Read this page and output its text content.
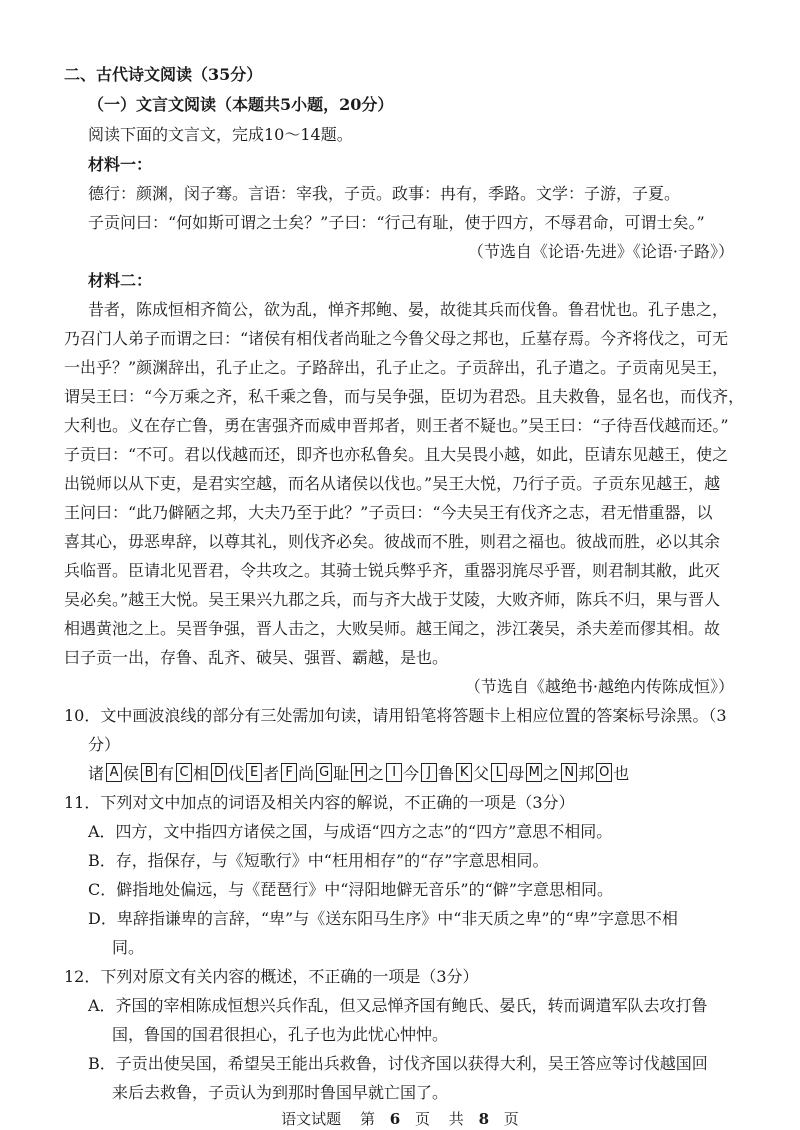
二、古代诗文阅读（35分）
（一）文言文阅读（本题共5小题，20分）
阅读下面的文言文，完成10～14题。
材料一：
德行：颜渊，闵子骞。言语：宰我，子贡。政事：冉有，季路。文学：子游，子夏。
子贡问曰：“何如斯可谓之士矣？”子曰：“行己有耻，使于四方，不辱君命，可谓士矣。”
（节选自《论语·先进》《论语·子路》）
材料二：
昔者，陈成恒相齐简公，欲为乱，惮齐邦鲍、晏，故徙其兵而伐鲁。鲁君忧也。孔子患之，
乃召门人弟子而谓之曰：“诸侯有相伐者尚耻之今鲁父母之邦也，丘墓存焉。今齐将伐之，可无
一出乎？”颜渊辞出，孔子止之。子路辞出，孔子止之。子贡辞出，孔子遣之。子贡南见吴王，
谓吴王曰：“今万乘之齐，私千乘之鲁，而与吴争强，臣切为君恐。且夫救鲁，显名也，而伐齐，
大利也。义在存亡鲁，勇在害强齐而威申晋邦者，则王者不疑也。”吴王曰：“子待吾伐越而还。”
子贡曰：“不可。君以伐越而还，即齐也亦私鲁矣。且大吴畏小越，如此，臣请东见越王，使之
出锐师以从下吏，是君实空越，而名从诸侯以伐也。”吴王大悦，乃行子贡。子贡东见越王，越
王问曰：“此乃僻陋之邦，大夫乃至于此？”子贡曰：“今夫吴王有伐齐之志，君无惜重器，以
喜其心，毋恶卑辞，以尊其礼，则伐齐必矣。彼战而不胜，则君之福也。彼战而胜，必以其余
兵临晋。臣请北见晋君，令共攻之。其骑士锐兵弊乎齐，重器羽旄尽乎晋，则君制其敝，此灭
吴必矣。”越王大悦。吴王果兴九郡之兵，而与齐大战于艾陵，大败齐师，陈兵不归，果与晋人
相遇黄池之上。吴晋争强，晋人击之，大败吴师。越王闻之，涉江袭吴，杀夫差而僇其相。故
曰子贡一出，存鲁、乱齐、破吴、强晋、霸越，是也。
（节选自《越绝书·越绝内传陈成恒》）
10．文中画波浪线的部分有三处需加句读，请用铅笔将答题卡上相应位置的答案标号涂黑。（3
分）
诸 A 侯 B 有 C 相 D 伐 E 者 F 尚 G 耻 H 之 I 今 J 鲁 K 父 L 母 M 之 N 邦 O 也
11．下列对文中加点的词语及相关内容的解说，不正确的一项是（3分）
A．四方，文中指四方诸侯之国，与成语“四方之志”的“四方”意思不相同。
B．存，指保存，与《短歌行》中“枉用相存”的“存”字意思相同。
C．僻指地处偏远，与《琵琶行》中“浔阳地僻无音乐”的“僻”字意思相同。
D．卑辞指谦卑的言辞，“卑”与《送东阳马生序》中“非天质之卑”的“卑”字意思不相
同。
12．下列对原文有关内容的概述，不正确的一项是（3分）
A．齐国的宰相陈成恒想兴兵作乱，但又忌惮齐国有鲍氏、晏氏，转而调遣军队去攻打鲁
国，鲁国的国君很担心，孔子也为此忧心忡忡。
B．子贡出使吴国，希望吴王能出兵救鲁，讨伐齐国以获得大利，吴王答应等讨伐越国回
来后去救鲁，子贡认为到那时鲁国早就亡国了。
语文试题 第 6 页 共 8 页
